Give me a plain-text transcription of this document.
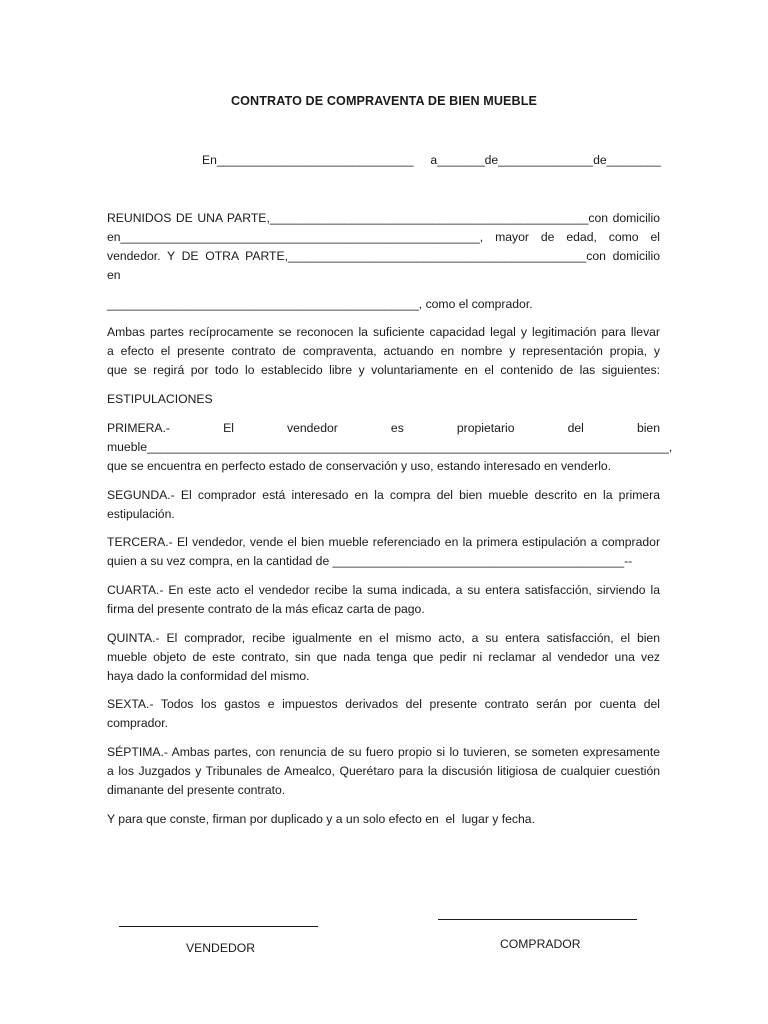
CONTRATO DE COMPRAVENTA DE BIEN MUEBLE
En_____________________________     a_______de______________de________
REUNIDOS DE UNA PARTE,_______________________________________________con domicilio
en_____________________________________________________, mayor de edad, como el
vendedor. Y DE OTRA PARTE,____________________________________________con domicilio
en
______________________________________________, como el comprador.
Ambas partes recíprocamente se reconocen la suficiente capacidad legal y legitimación para llevar
a efecto el presente contrato de compraventa, actuando en nombre y representación propia, y
que se regirá por todo lo establecido libre y voluntariamente en el contenido de las siguientes:
ESTIPULACIONES
PRIMERA.- El vendedor es propietario del bien
mueble_____________________________________________________________________________,
que se encuentra en perfecto estado de conservación y uso, estando interesado en venderlo.
SEGUNDA.- El comprador está interesado en la compra del bien mueble descrito en la primera
estipulación.
TERCERA.- El vendedor, vende el bien mueble referenciado en la primera estipulación a comprador
quien a su vez compra, en la cantidad de ___________________________________________--
CUARTA.- En este acto el vendedor recibe la suma indicada, a su entera satisfacción, sirviendo la
firma del presente contrato de la más eficaz carta de pago.
QUINTA.- El comprador, recibe igualmente en el mismo acto, a su entera satisfacción, el bien
mueble objeto de este contrato, sin que nada tenga que pedir ni reclamar al vendedor una vez
haya dado la conformidad del mismo.
SEXTA.- Todos los gastos e impuestos derivados del presente contrato serán por cuenta del
comprador.
SÉPTIMA.- Ambas partes, con renuncia de su fuero propio si lo tuvieren, se someten expresamente
a los Juzgados y Tribunales de Amealco, Querétaro para la discusión litigiosa de cualquier cuestión
dimanante del presente contrato.
Y para que conste, firman por duplicado y a un solo efecto en  el  lugar y fecha.
VENDEDOR	COMPRADOR
